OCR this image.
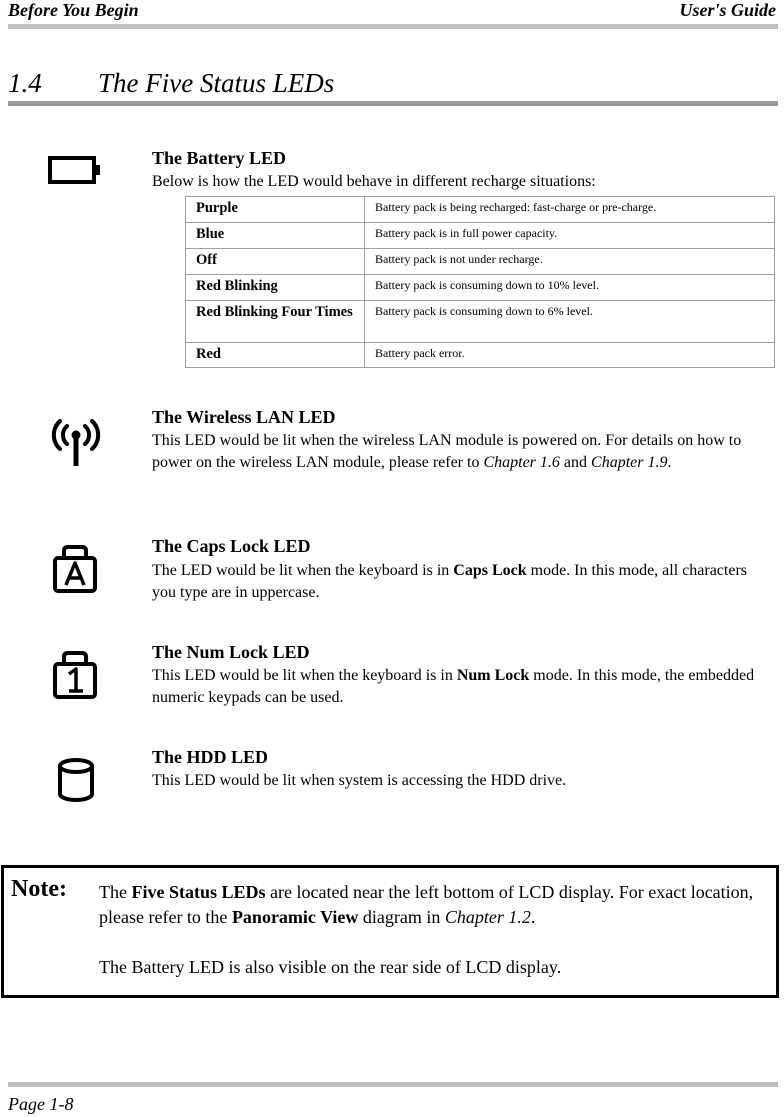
Before You Begin	User's Guide
1.4 The Five Status LEDs
The Battery LED
Below is how the LED would behave in different recharge situations:
Purple	Battery pack is being recharged: fast-charge or pre-charge.
Blue	Battery pack is in full power capacity.
Off	Battery pack is not under recharge.
Red Blinking	Battery pack is consuming down to 10% level.
Red Blinking Four Times	Battery pack is consuming down to 6% level.
Red	Battery pack error.
The Wireless LAN LED
This LED would be lit when the wireless LAN module is powered on. For details on how to power on the wireless LAN module, please refer to Chapter 1.6 and Chapter 1.9.
The Caps Lock LED
The LED would be lit when the keyboard is in Caps Lock mode. In this mode, all characters you type are in uppercase.
The Num Lock LED
This LED would be lit when the keyboard is in Num Lock mode. In this mode, the embedded numeric keypads can be used.
The HDD LED
This LED would be lit when system is accessing the HDD drive.
Note: The Five Status LEDs are located near the left bottom of LCD display. For exact location, please refer to the Panoramic View diagram in Chapter 1.2.
The Battery LED is also visible on the rear side of LCD display.
Page 1-8
